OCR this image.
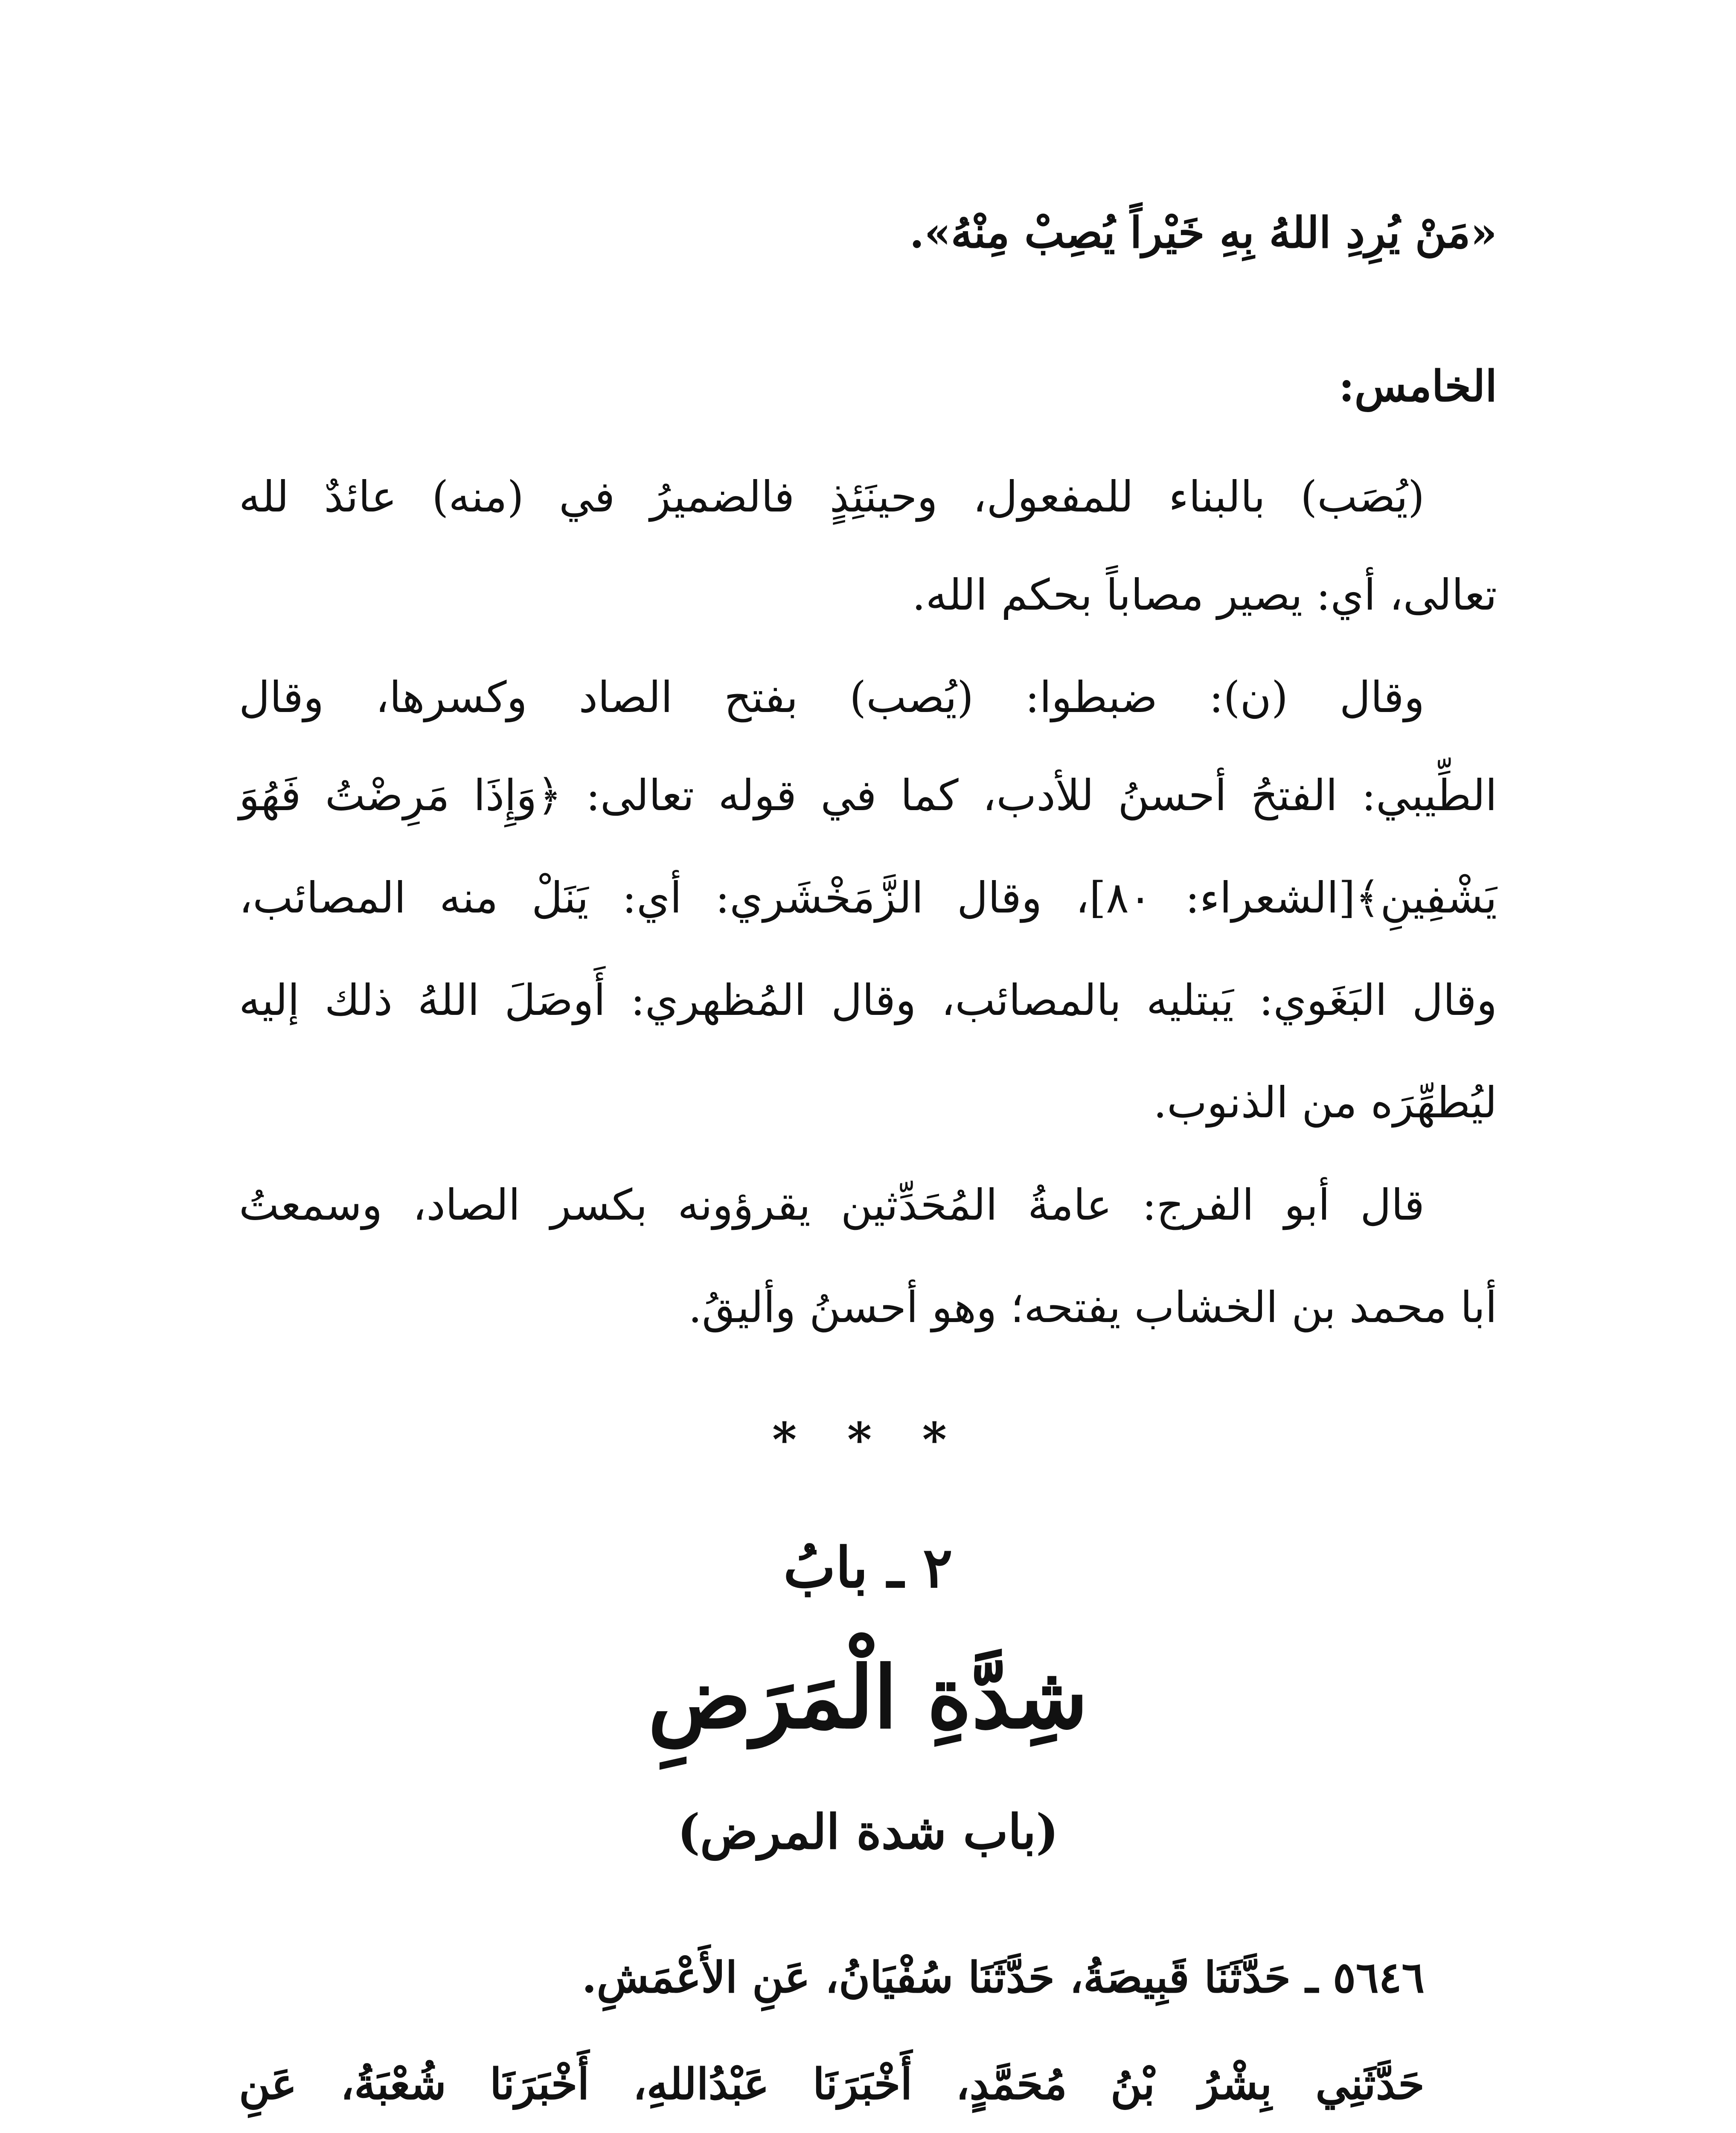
«مَنْ يُرِدِ اللهُ بِهِ خَيْراً يُصِبْ مِنْهُ».
الخامس:
(يُصَب) بالبناء للمفعول، وحينَئِذٍ فالضميرُ في (منه) عائدٌ لله
تعالى، أي: يصير مصاباً بحكم الله.
وقال (ن): ضبطوا: (يُصب) بفتح الصاد وكسرها، وقال
الطِّيبي: الفتحُ أحسنُ للأدب، كما في قوله تعالى: ﴿وَإِذَا مَرِضْتُ فَهُوَ
يَشْفِينِ﴾[الشعراء: ٨٠]، وقال الزَّمَخْشَري: أي: يَنَلْ منه المصائب،
وقال البَغَوي: يَبتليه بالمصائب، وقال المُظهري: أَوصَلَ اللهُ ذلك إليه
ليُطهِّرَه من الذنوب.
قال أبو الفرج: عامةُ المُحَدِّثين يقرؤونه بكسر الصاد، وسمعتُ
أبا محمد بن الخشاب يفتحه؛ وهو أحسنُ وأليقُ.
* * *
٢ ـ بابُ
شِدَّةِ الْمَرَضِ
(باب شدة المرض)
٥٦٤٦ ـ حَدَّثَنَا قَبِيصَةُ، حَدَّثَنَا سُفْيَانُ، عَنِ الأَعْمَشِ.
حَدَّثَنِي بِشْرُ بْنُ مُحَمَّدٍ، أَخْبَرَنَا عَبْدُاللهِ، أَخْبَرَنَا شُعْبَةُ، عَنِ
